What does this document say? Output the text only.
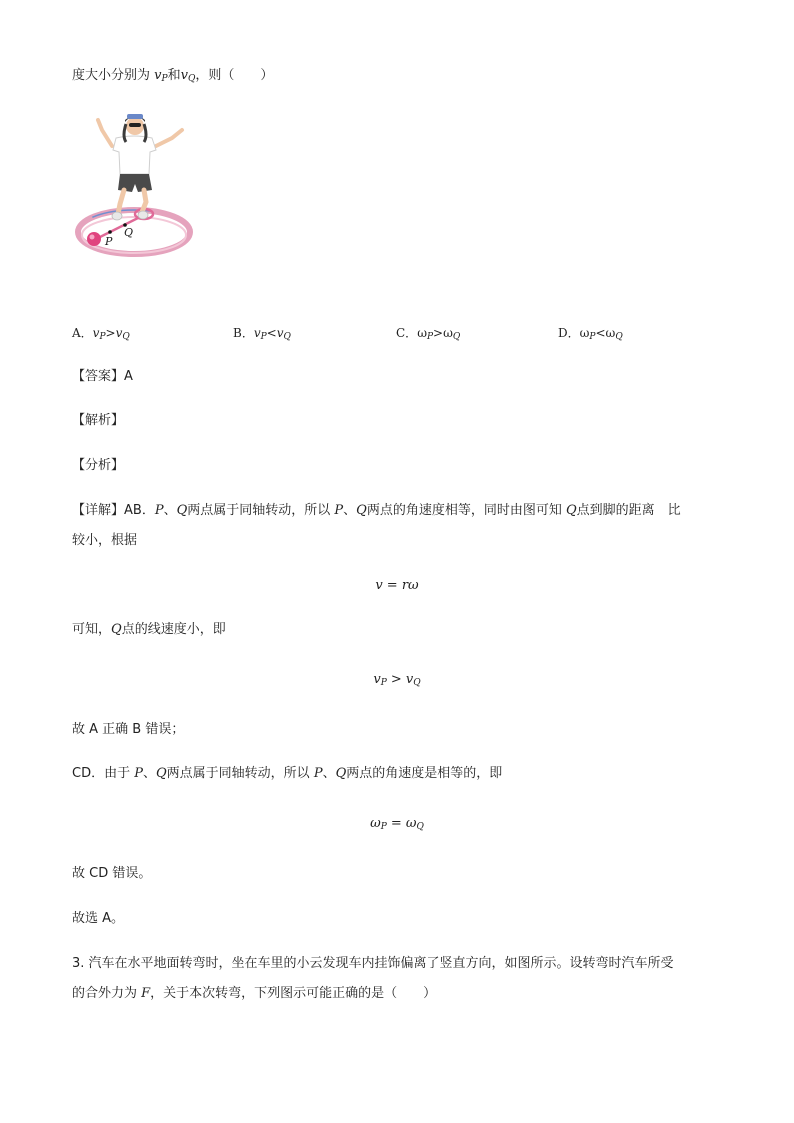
度大小分别为 $v_P$和$v_Q$，则（　　）
P
Q
A．$v_P>v_Q$	B．$v_P<v_Q$	C．$\omega_P>\omega_Q$	D．$\omega_P<\omega_Q$
【答案】A
【解析】
【分析】
【详解】AB．P、Q两点属于同轴转动，所以 P、Q两点的角速度相等，同时由图可知 Q点到脚的距离　比
较小，根据
v = rω
可知，Q点的线速度小，即
$v_P > v_Q$
故 A 正确 B 错误；
CD．由于 P、Q两点属于同轴转动，所以 P、Q两点的角速度是相等的，即
$\omega_P = \omega_Q$
故 CD 错误。
故选 A。
3. 汽车在水平地面转弯时，坐在车里的小云发现车内挂饰偏离了竖直方向，如图所示。设转弯时汽车所受
的合外力为 F，关于本次转弯，下列图示可能正确的是（　　）
